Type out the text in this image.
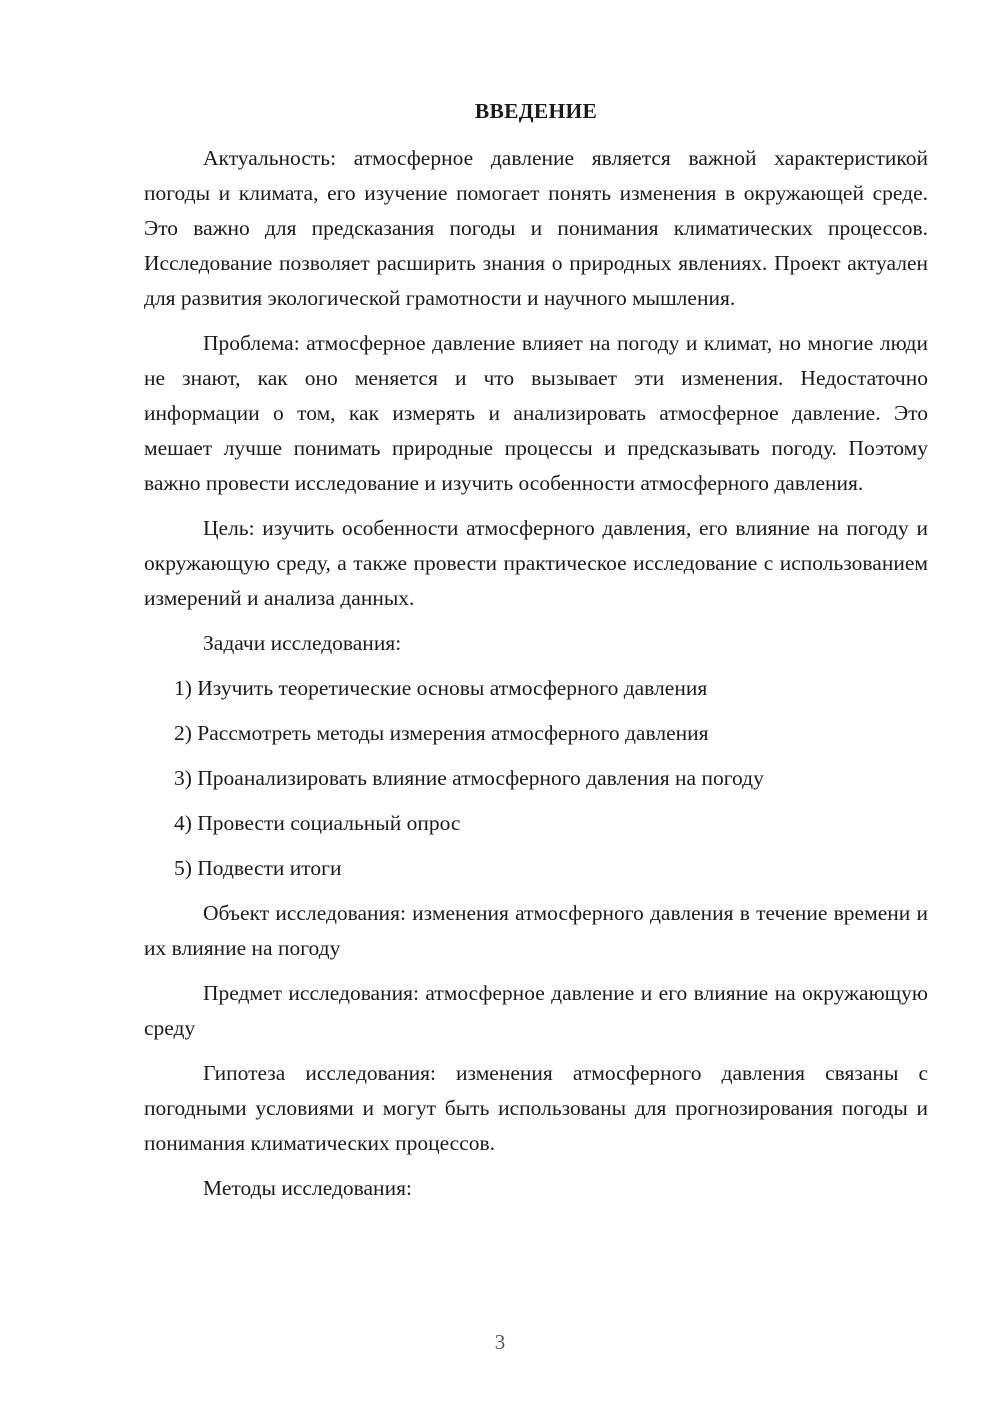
ВВЕДЕНИЕ

Актуальность: атмосферное давление является важной характеристикой погоды и климата, его изучение помогает понять изменения в окружающей среде. Это важно для предсказания погоды и понимания климатических процессов. Исследование позволяет расширить знания о природных явлениях. Проект актуален для развития экологической грамотности и научного мышления.

Проблема: атмосферное давление влияет на погоду и климат, но многие люди не знают, как оно меняется и что вызывает эти изменения. Недостаточно информации о том, как измерять и анализировать атмосферное давление. Это мешает лучше понимать природные процессы и предсказывать погоду. Поэтому важно провести исследование и изучить особенности атмосферного давления.

Цель: изучить особенности атмосферного давления, его влияние на погоду и окружающую среду, а также провести практическое исследование с использованием измерений и анализа данных.

Задачи исследования:

1) Изучить теоретические основы атмосферного давления
2) Рассмотреть методы измерения атмосферного давления
3) Проанализировать влияние атмосферного давления на погоду
4) Провести социальный опрос
5) Подвести итоги

Объект исследования: изменения атмосферного давления в течение времени и их влияние на погоду

Предмет исследования: атмосферное давление и его влияние на окружающую среду

Гипотеза исследования: изменения атмосферного давления связаны с погодными условиями и могут быть использованы для прогнозирования погоды и понимания климатических процессов.

Методы исследования:

3
